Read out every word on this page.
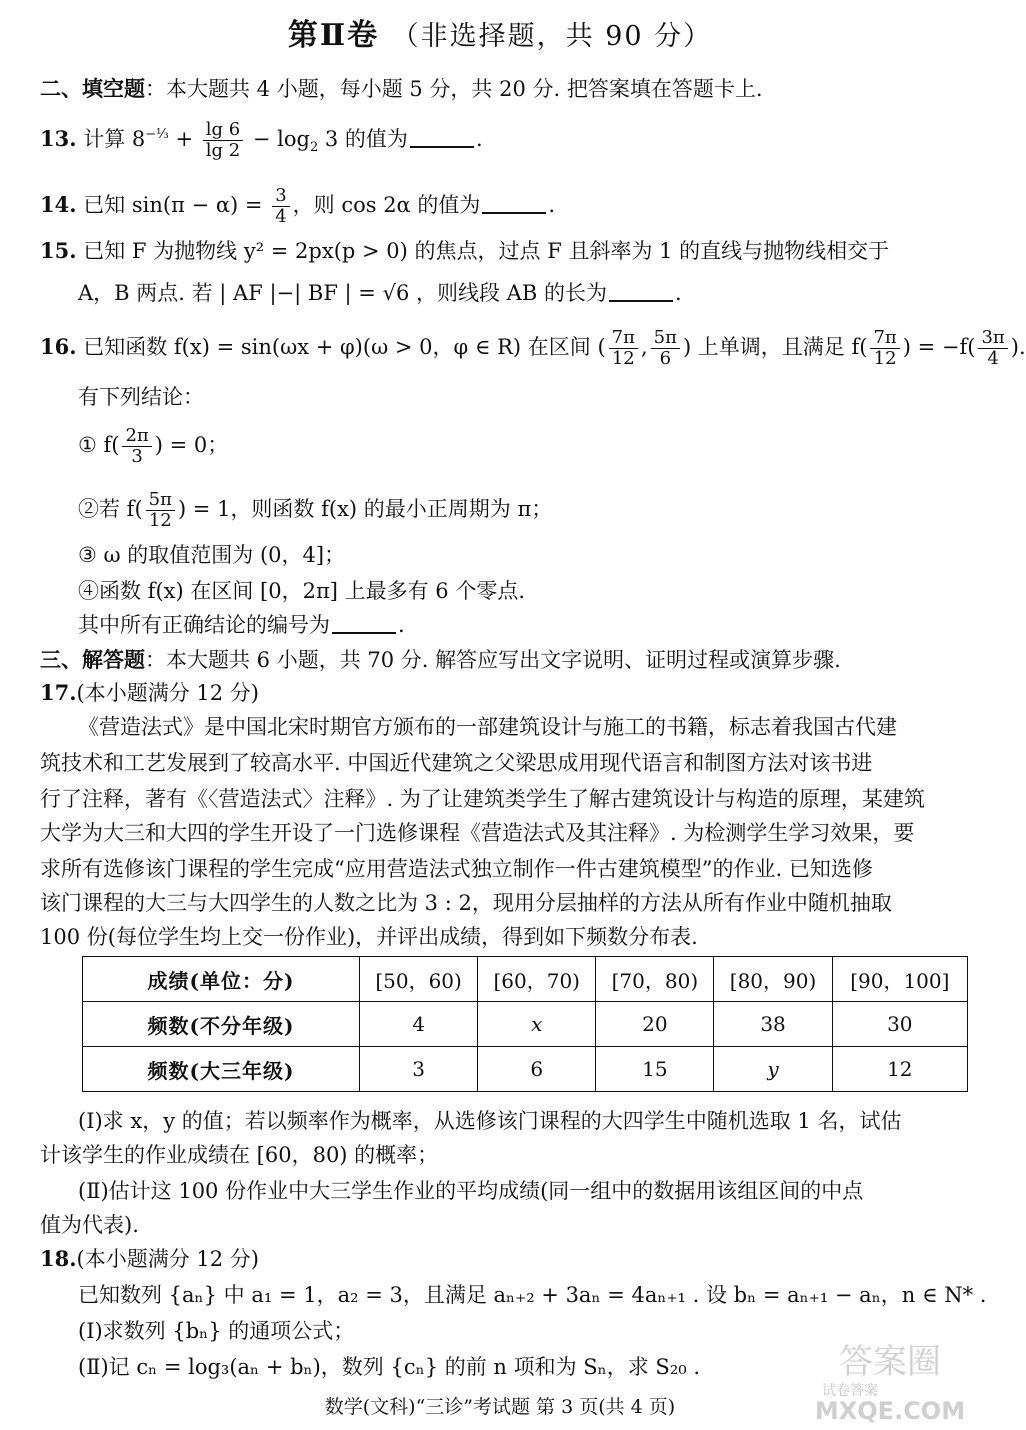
第Ⅱ卷 （非选择题，共 90 分）
二、填空题：本大题共 4 小题，每小题 5 分，共 20 分. 把答案填在答题卡上.
13. 计算 $8^{-\frac{1}{3}} + \frac{\lg 6}{\lg 2} - \log_2 3$ 的值为	.
14. 已知 $\sin(\pi - \alpha) = \frac{3}{4}$ ，则 cos 2α 的值为	.
15. 已知 F 为抛物线 y² = 2px(p > 0) 的焦点，过点 F 且斜率为 1 的直线与抛物线相交于
A，B 两点. 若 | AF |−| BF | = √6 ，则线段 AB 的长为	.
16. 已知函数 f(x) = sin(ωx + φ)(ω > 0，φ ∈ R) 在区间 ( $\frac{7\pi}{12}$ , $\frac{5\pi}{6}$ ) 上单调，且满足 $f( \frac{7\pi}{12}$ ) = $-f( \frac{3\pi}{4}$ ).
有下列结论：
① $f( \frac{2\pi}{3}$ ) = 0；
②若 $f( \frac{5\pi}{12}$ ) = 1，则函数 f(x) 的最小正周期为 π；
③ ω 的取值范围为 (0，4]；
④函数 f(x) 在区间 [0，2π] 上最多有 6 个零点.
其中所有正确结论的编号为	.
三、解答题：本大题共 6 小题，共 70 分. 解答应写出文字说明、证明过程或演算步骤.
17.(本小题满分 12 分)
《营造法式》是中国北宋时期官方颁布的一部建筑设计与施工的书籍，标志着我国古代建
筑技术和工艺发展到了较高水平. 中国近代建筑之父梁思成用现代语言和制图方法对该书进
行了注释，著有《〈营造法式〉注释》. 为了让建筑类学生了解古建筑设计与构造的原理，某建筑
大学为大三和大四的学生开设了一门选修课程《营造法式及其注释》. 为检测学生学习效果，要
求所有选修该门课程的学生完成“应用营造法式独立制作一件古建筑模型”的作业. 已知选修
该门课程的大三与大四学生的人数之比为 3 : 2，现用分层抽样的方法从所有作业中随机抽取
100 份(每位学生均上交一份作业)，并评出成绩，得到如下频数分布表.
成绩(单位：分)	[50，60)	[60，70)	[70，80)	[80，90)	[90，100]
频数(不分年级)	4	x	20	38	30
频数(大三年级)	3	6	15	y	12
(Ⅰ)求 x，y 的值；若以频率作为概率，从选修该门课程的大四学生中随机选取 1 名，试估
计该学生的作业成绩在 [60，80) 的概率；
(Ⅱ)估计这 100 份作业中大三学生作业的平均成绩(同一组中的数据用该组区间的中点
值为代表).
18.(本小题满分 12 分)
已知数列 {aₙ} 中 a₁ = 1，a₂ = 3，且满足 aₙ₊₂ + 3aₙ = 4aₙ₊₁ . 设 bₙ = aₙ₊₁ − aₙ，n ∈ N* .
(Ⅰ)求数列 {bₙ} 的通项公式；
(Ⅱ)记 cₙ = log₃(aₙ + bₙ)，数列 {cₙ} 的前 n 项和为 Sₙ，求 S₂₀ .
数学(文科)“三诊”考试题 第 3 页(共 4 页)
答案圈
试卷答案
MXQE.COM
